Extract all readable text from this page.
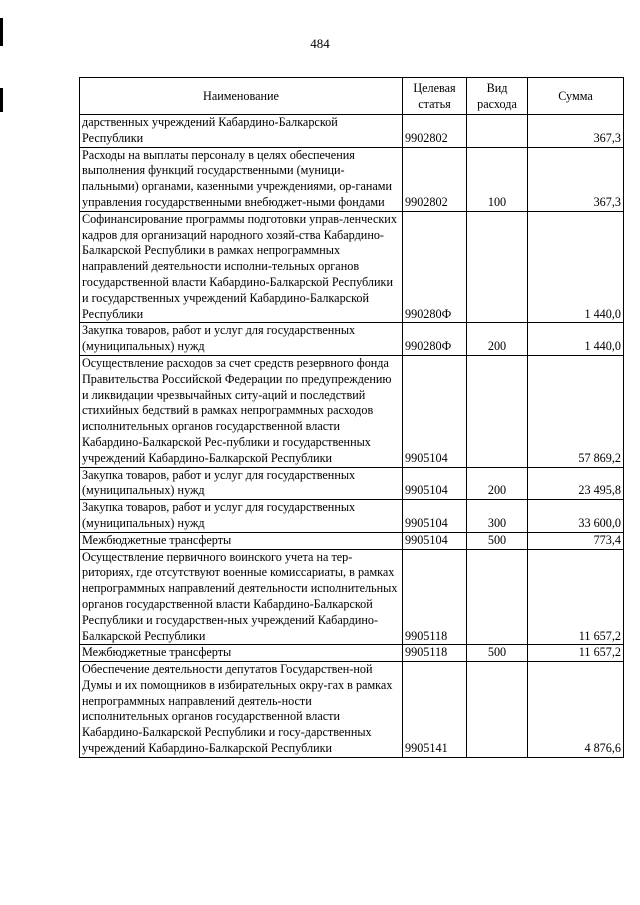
484
Наименование	Целевая статья	Вид расхода	Сумма
дарственных учреждений Кабардино-Балкарской Республики	9902802		367,3
Расходы на выплаты персоналу в целях обеспечения выполнения функций государственными (муници-пальными) органами, казенными учреждениями, ор-ганами управления государственными внебюджет-ными фондами	9902802	100	367,3
Софинансирование программы подготовки управ-ленческих кадров для организаций народного хозяй-ства Кабардино-Балкарской Республики в рамках непрограммных направлений деятельности исполни-тельных органов государственной власти Кабардино-Балкарской Республики и государственных учреждений Кабардино-Балкарской Республики	990280Ф		1 440,0
Закупка товаров, работ и услуг для государственных (муниципальных) нужд	990280Ф	200	1 440,0
Осуществление расходов за счет средств резервного фонда Правительства Российской Федерации по предупреждению и ликвидации чрезвычайных ситу-аций и последствий стихийных бедствий в рамках непрограммных расходов исполнительных органов государственной власти Кабардино-Балкарской Рес-публики и государственных учреждений Кабардино-Балкарской Республики	9905104		57 869,2
Закупка товаров, работ и услуг для государственных (муниципальных) нужд	9905104	200	23 495,8
Закупка товаров, работ и услуг для государственных (муниципальных) нужд	9905104	300	33 600,0
Межбюджетные трансферты	9905104	500	773,4
Осуществление первичного воинского учета на тер-риториях, где отсутствуют военные комиссариаты, в рамках непрограммных направлений деятельности исполнительных органов государственной власти Кабардино-Балкарской Республики и государствен-ных учреждений Кабардино-Балкарской Республики	9905118		11 657,2
Межбюджетные трансферты	9905118	500	11 657,2
Обеспечение деятельности депутатов Государствен-ной Думы и их помощников в избирательных окру-гах в рамках непрограммных направлений деятель-ности исполнительных органов государственной власти Кабардино-Балкарской Республики и госу-дарственных учреждений Кабардино-Балкарской Республики	9905141		4 876,6
